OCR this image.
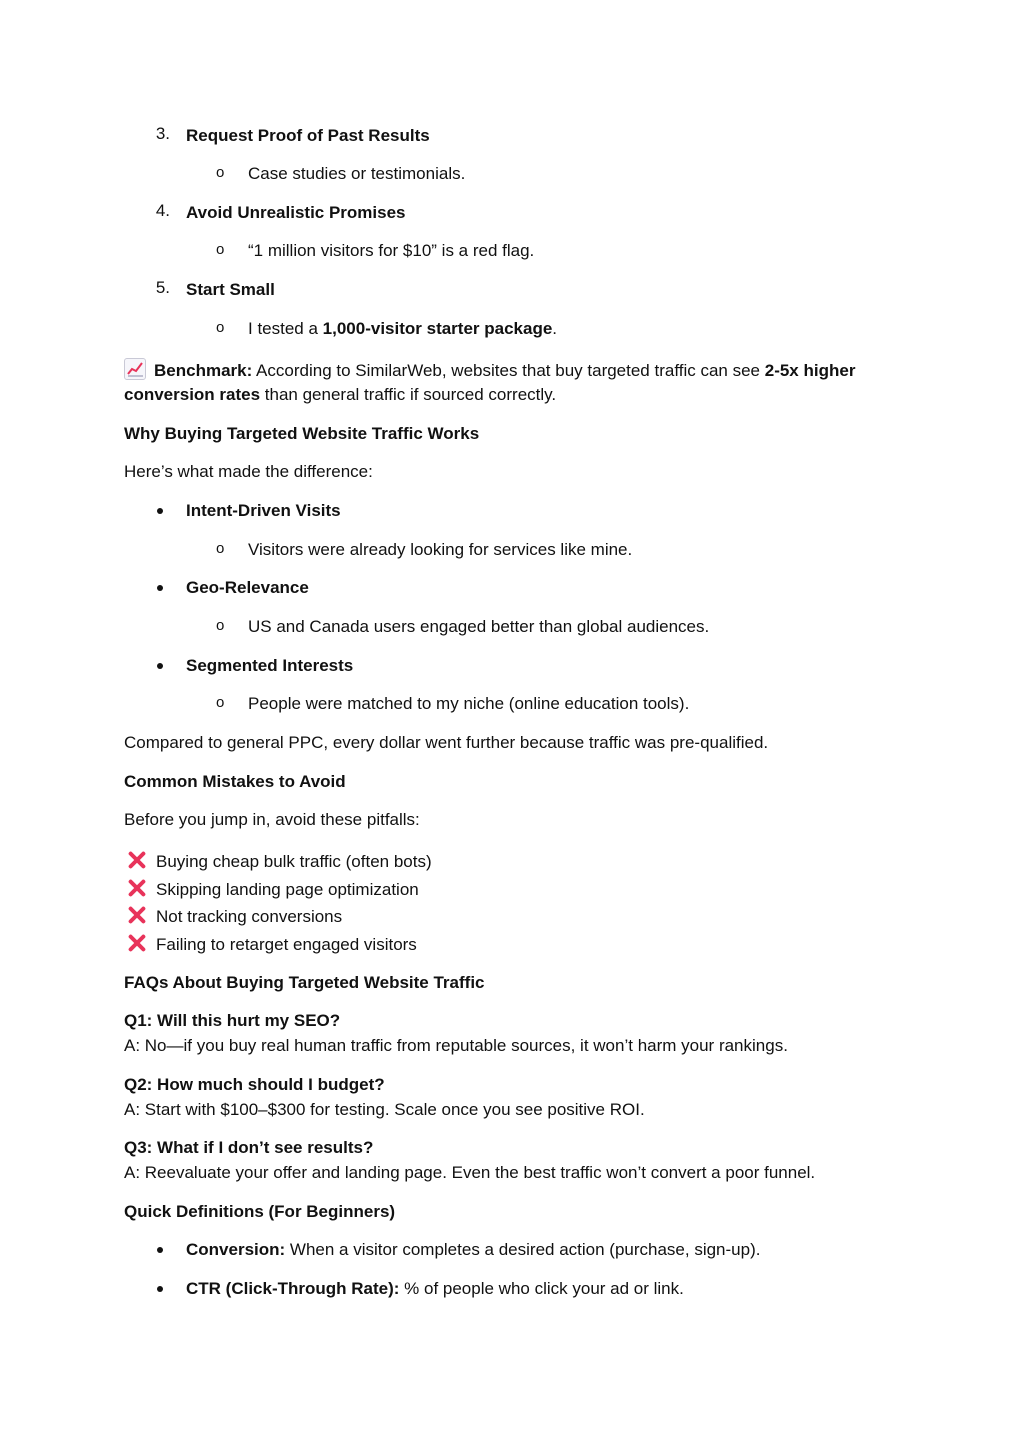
3. Request Proof of Past Results
o Case studies or testimonials.
4. Avoid Unrealistic Promises
o “1 million visitors for $10” is a red flag.
5. Start Small
o I tested a 1,000-visitor starter package.
Benchmark: According to SimilarWeb, websites that buy targeted traffic can see 2-5x higher
conversion rates than general traffic if sourced correctly.
Why Buying Targeted Website Traffic Works
Here’s what made the difference:
Intent-Driven Visits
o Visitors were already looking for services like mine.
Geo-Relevance
o US and Canada users engaged better than global audiences.
Segmented Interests
o People were matched to my niche (online education tools).
Compared to general PPC, every dollar went further because traffic was pre-qualified.
Common Mistakes to Avoid
Before you jump in, avoid these pitfalls:
Buying cheap bulk traffic (often bots)
Skipping landing page optimization
Not tracking conversions
Failing to retarget engaged visitors
FAQs About Buying Targeted Website Traffic
Q1: Will this hurt my SEO?
A: No—if you buy real human traffic from reputable sources, it won’t harm your rankings.
Q2: How much should I budget?
A: Start with $100–$300 for testing. Scale once you see positive ROI.
Q3: What if I don’t see results?
A: Reevaluate your offer and landing page. Even the best traffic won’t convert a poor funnel.
Quick Definitions (For Beginners)
Conversion: When a visitor completes a desired action (purchase, sign-up).
CTR (Click-Through Rate): % of people who click your ad or link.
